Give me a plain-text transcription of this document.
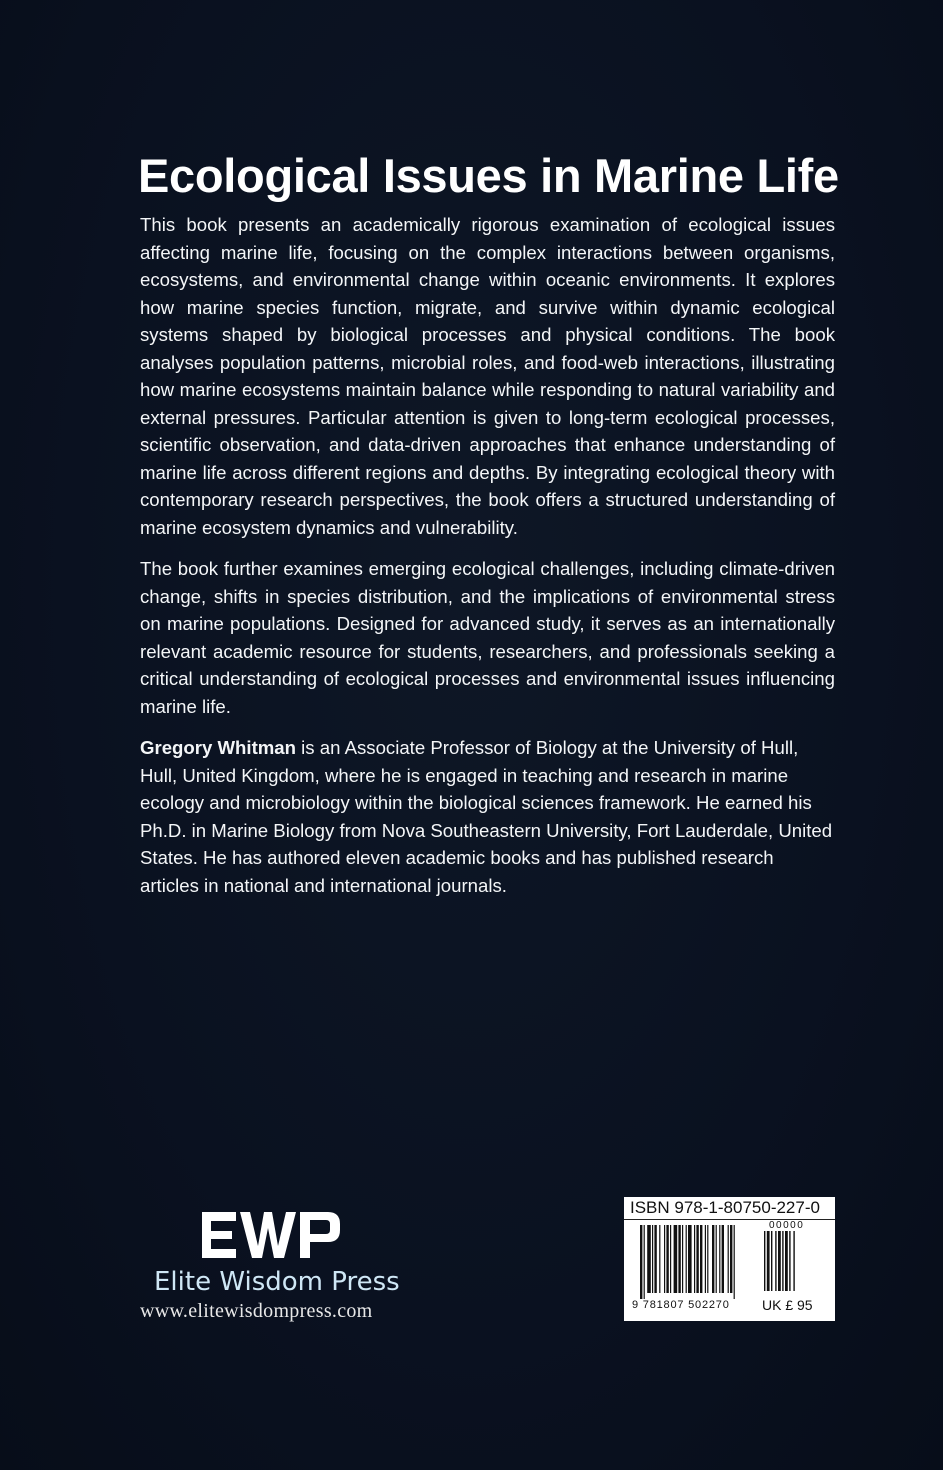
Ecological Issues in Marine Life
This book presents an academically rigorous examination of ecological issues affecting marine life, focusing on the complex interactions between organisms, ecosystems, and environmental change within oceanic environments. It explores how marine species function, migrate, and survive within dynamic ecological systems shaped by biological processes and physical conditions. The book analyses population patterns, microbial roles, and food-web interactions, illustrating how marine ecosystems maintain balance while responding to natural variability and external pressures. Particular attention is given to long-term ecological processes, scientific observation, and data-driven approaches that enhance understanding of marine life across different regions and depths. By integrating ecological theory with contemporary research perspectives, the book offers a structured understanding of marine ecosystem dynamics and vulnerability.
The book further examines emerging ecological challenges, including climate-driven change, shifts in species distribution, and the implications of environmental stress on marine populations. Designed for advanced study, it serves as an internationally relevant academic resource for students, researchers, and professionals seeking a critical understanding of ecological processes and environmental issues influencing marine life.
Gregory Whitman is an Associate Professor of Biology at the University of Hull, Hull, United Kingdom, where he is engaged in teaching and research in marine ecology and microbiology within the biological sciences framework. He earned his Ph.D. in Marine Biology from Nova Southeastern University, Fort Lauderdale, United States. He has authored eleven academic books and has published research articles in national and international journals.
Elite Wisdom Press
www.elitewisdompress.com
ISBN 978-1-80750-227-0
00000
9 781807 502270 UK £ 95
